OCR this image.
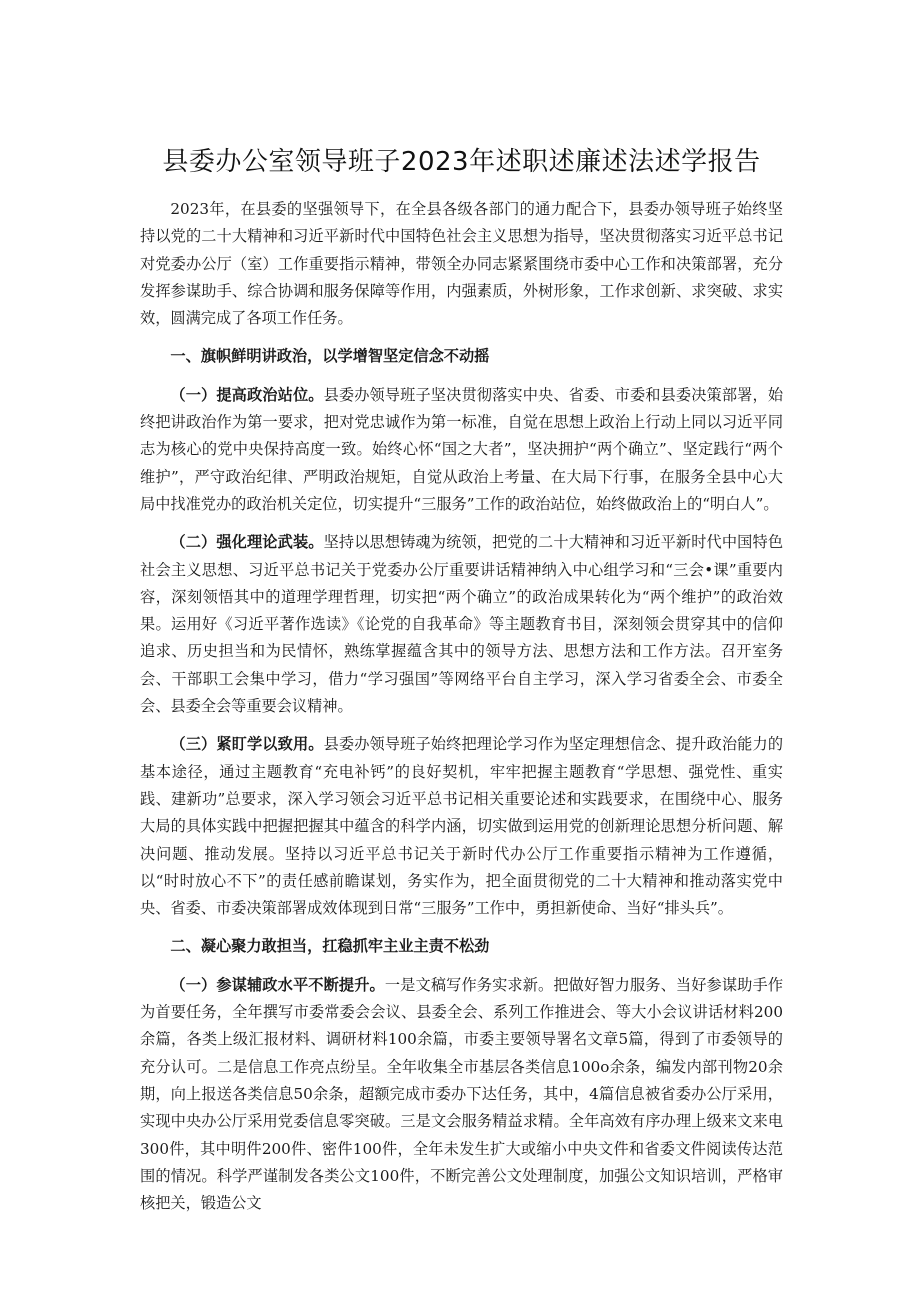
县委办公室领导班子2023年述职述廉述法述学报告

2023年，在县委的坚强领导下，在全县各级各部门的通力配合下，县委办领导班子始终坚持以党的二十大精神和习近平新时代中国特色社会主义思想为指导，坚决贯彻落实习近平总书记对党委办公厅（室）工作重要指示精神，带领全办同志紧紧围绕市委中心工作和决策部署，充分发挥参谋助手、综合协调和服务保障等作用，内强素质，外树形象，工作求创新、求突破、求实效，圆满完成了各项工作任务。

一、旗帜鲜明讲政治，以学增智坚定信念不动摇

（一）提高政治站位。县委办领导班子坚决贯彻落实中央、省委、市委和县委决策部署，始终把讲政治作为第一要求，把对党忠诚作为第一标准，自觉在思想上政治上行动上同以习近平同志为核心的党中央保持高度一致。始终心怀“国之大者”，坚决拥护“两个确立”、坚定践行“两个维护”，严守政治纪律、严明政治规矩，自觉从政治上考量、在大局下行事，在服务全县中心大局中找准党办的政治机关定位，切实提升“三服务”工作的政治站位，始终做政治上的“明白人”。

（二）强化理论武装。坚持以思想铸魂为统领，把党的二十大精神和习近平新时代中国特色社会主义思想、习近平总书记关于党委办公厅重要讲话精神纳入中心组学习和“三会•课”重要内容，深刻领悟其中的道理学理哲理，切实把“两个确立”的政治成果转化为“两个维护”的政治效果。运用好《习近平著作选读》《论党的自我革命》等主题教育书目，深刻领会贯穿其中的信仰追求、历史担当和为民情怀，熟练掌握蕴含其中的领导方法、思想方法和工作方法。召开室务会、干部职工会集中学习，借力“学习强国”等网络平台自主学习，深入学习省委全会、市委全会、县委全会等重要会议精神。

（三）紧盯学以致用。县委办领导班子始终把理论学习作为坚定理想信念、提升政治能力的基本途径，通过主题教育“充电补钙”的良好契机，牢牢把握主题教育“学思想、强党性、重实践、建新功”总要求，深入学习领会习近平总书记相关重要论述和实践要求，在围绕中心、服务大局的具体实践中把握把握其中蕴含的科学内涵，切实做到运用党的创新理论思想分析问题、解决问题、推动发展。坚持以习近平总书记关于新时代办公厅工作重要指示精神为工作遵循，以“时时放心不下”的责任感前瞻谋划，务实作为，把全面贯彻党的二十大精神和推动落实党中央、省委、市委决策部署成效体现到日常“三服务”工作中，勇担新使命、当好“排头兵”。

二、凝心聚力敢担当，扛稳抓牢主业主责不松劲

（一）参谋辅政水平不断提升。一是文稿写作务实求新。把做好智力服务、当好参谋助手作为首要任务，全年撰写市委常委会会议、县委全会、系列工作推进会、等大小会议讲话材料200余篇，各类上级汇报材料、调研材料100余篇，市委主要领导署名文章5篇，得到了市委领导的充分认可。二是信息工作亮点纷呈。全年收集全市基层各类信息100o余条，编发内部刊物20余期，向上报送各类信息50余条，超额完成市委办下达任务，其中，4篇信息被省委办公厅采用，实现中央办公厅采用党委信息零突破。三是文会服务精益求精。全年高效有序办理上级来文来电300件，其中明件200件、密件100件，全年未发生扩大或缩小中央文件和省委文件阅读传达范围的情况。科学严谨制发各类公文100件，不断完善公文处理制度，加强公文知识培训，严格审核把关，锻造公文
